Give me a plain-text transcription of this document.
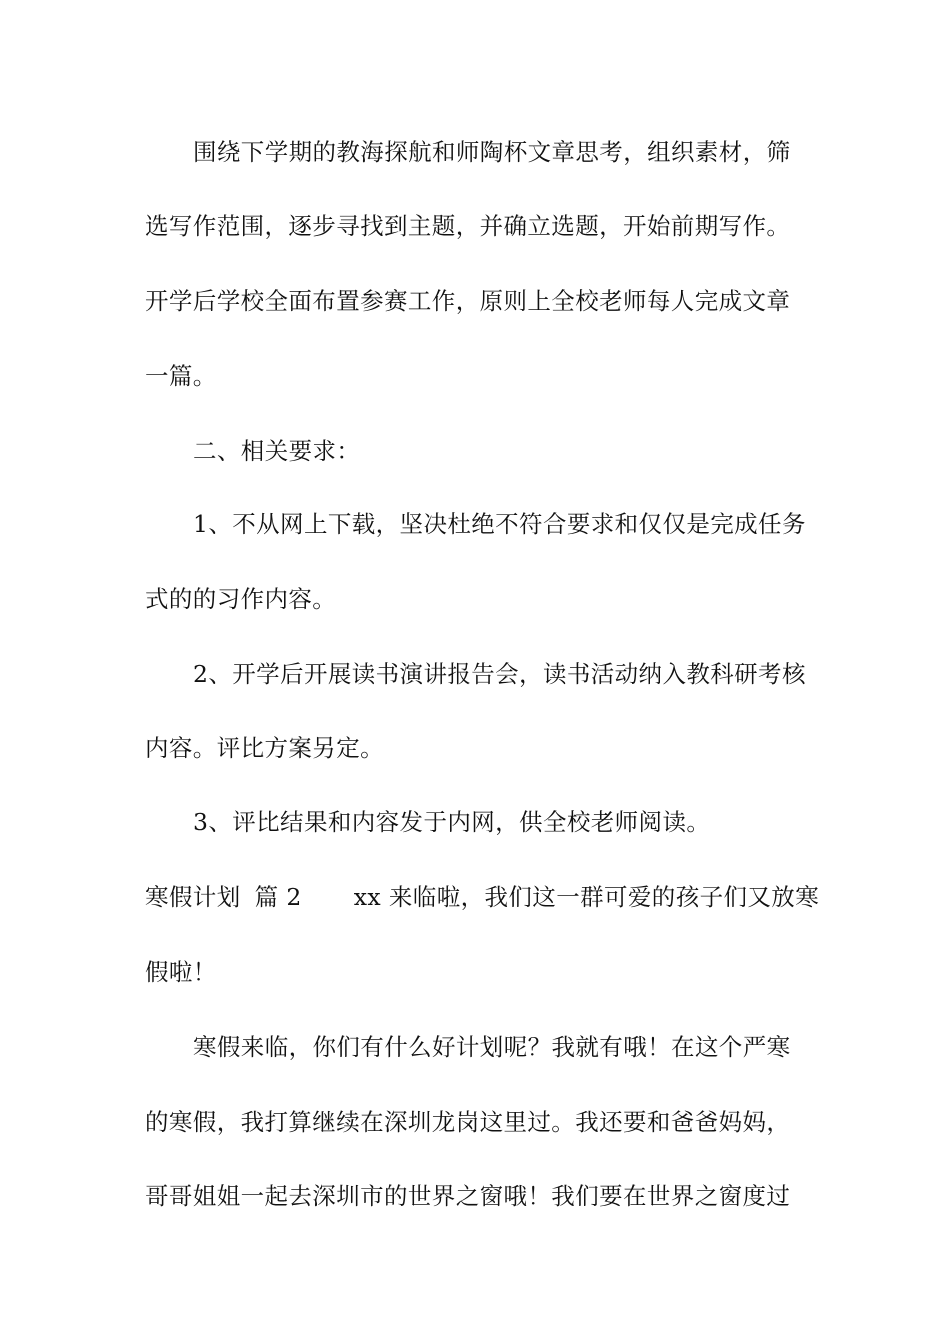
围绕下学期的教海探航和师陶杯文章思考，组织素材，筛
选写作范围，逐步寻找到主题，并确立选题，开始前期写作。
开学后学校全面布置参赛工作，原则上全校老师每人完成文章
一篇。
二、相关要求：
1、不从网上下载，坚决杜绝不符合要求和仅仅是完成任务
式的的习作内容。
2、开学后开展读书演讲报告会，读书活动纳入教科研考核
内容。评比方案另定。
3、评比结果和内容发于内网，供全校老师阅读。
寒假计划 篇 2 xx 来临啦，我们这一群可爱的孩子们又放寒
假啦！
寒假来临，你们有什么好计划呢？我就有哦！在这个严寒
的寒假，我打算继续在深圳龙岗这里过。我还要和爸爸妈妈，
哥哥姐姐一起去深圳市的世界之窗哦！我们要在世界之窗度过
